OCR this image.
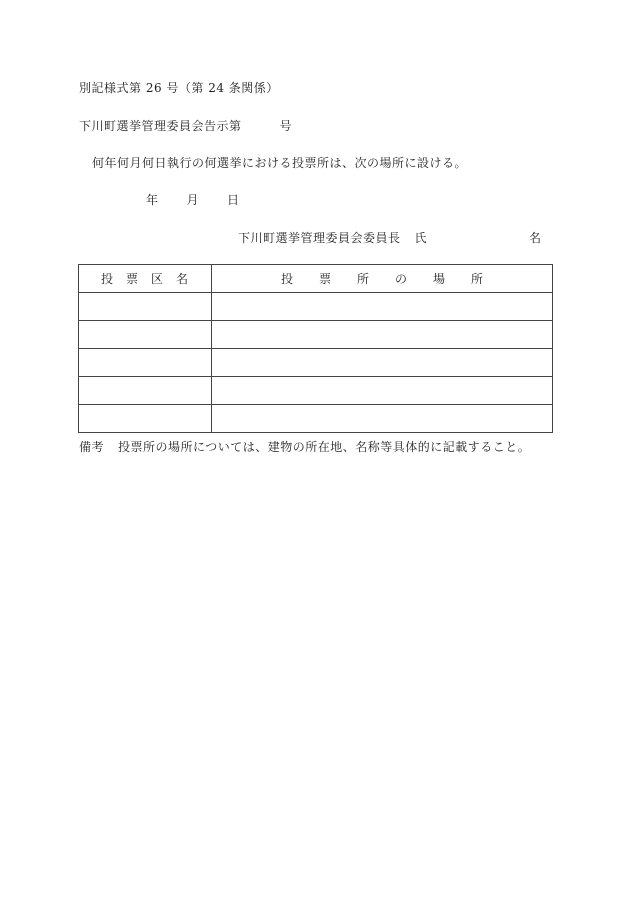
別記様式第 26 号（第 24 条関係）
下川町選挙管理委員会告示第	号
何年何月何日執行の何選挙における投票所は、次の場所に設ける。
年 月 日
下川町選挙管理委員会委員長 氏	名
投票区名	投票所の場所

備考 投票所の場所については、建物の所在地、名称等具体的に記載すること。
